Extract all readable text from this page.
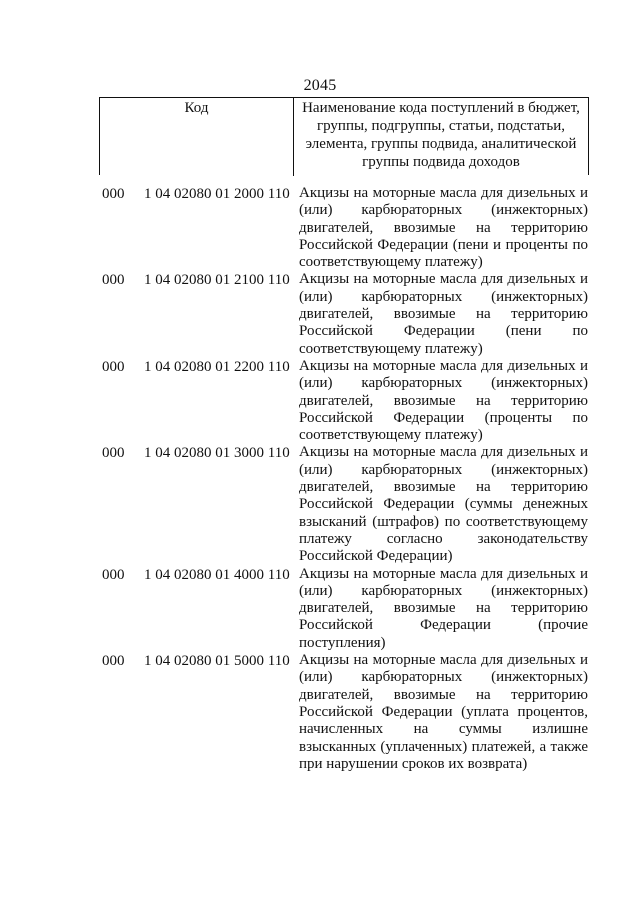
2045
Код	Наименование кода поступлений в бюджет, группы, подгруппы, статьи, подстатьи, элемента, группы подвида, аналитической группы подвида доходов
000 1 04 02080 01 2000 110 Акцизы на моторные масла для дизельных и (или) карбюраторных (инжекторных) двигателей, ввозимые на территорию Российской Федерации (пени и проценты по соответствующему платежу)
000 1 04 02080 01 2100 110 Акцизы на моторные масла для дизельных и (или) карбюраторных (инжекторных) двигателей, ввозимые на территорию Российской Федерации (пени по соответствующему платежу)
000 1 04 02080 01 2200 110 Акцизы на моторные масла для дизельных и (или) карбюраторных (инжекторных) двигателей, ввозимые на территорию Российской Федерации (проценты по соответствующему платежу)
000 1 04 02080 01 3000 110 Акцизы на моторные масла для дизельных и (или) карбюраторных (инжекторных) двигателей, ввозимые на территорию Российской Федерации (суммы денежных взысканий (штрафов) по соответствующему платежу согласно законодательству Российской Федерации)
000 1 04 02080 01 4000 110 Акцизы на моторные масла для дизельных и (или) карбюраторных (инжекторных) двигателей, ввозимые на территорию Российской Федерации (прочие поступления)
000 1 04 02080 01 5000 110 Акцизы на моторные масла для дизельных и (или) карбюраторных (инжекторных) двигателей, ввозимые на территорию Российской Федерации (уплата процентов, начисленных на суммы излишне взысканных (уплаченных) платежей, а также при нарушении сроков их возврата)
